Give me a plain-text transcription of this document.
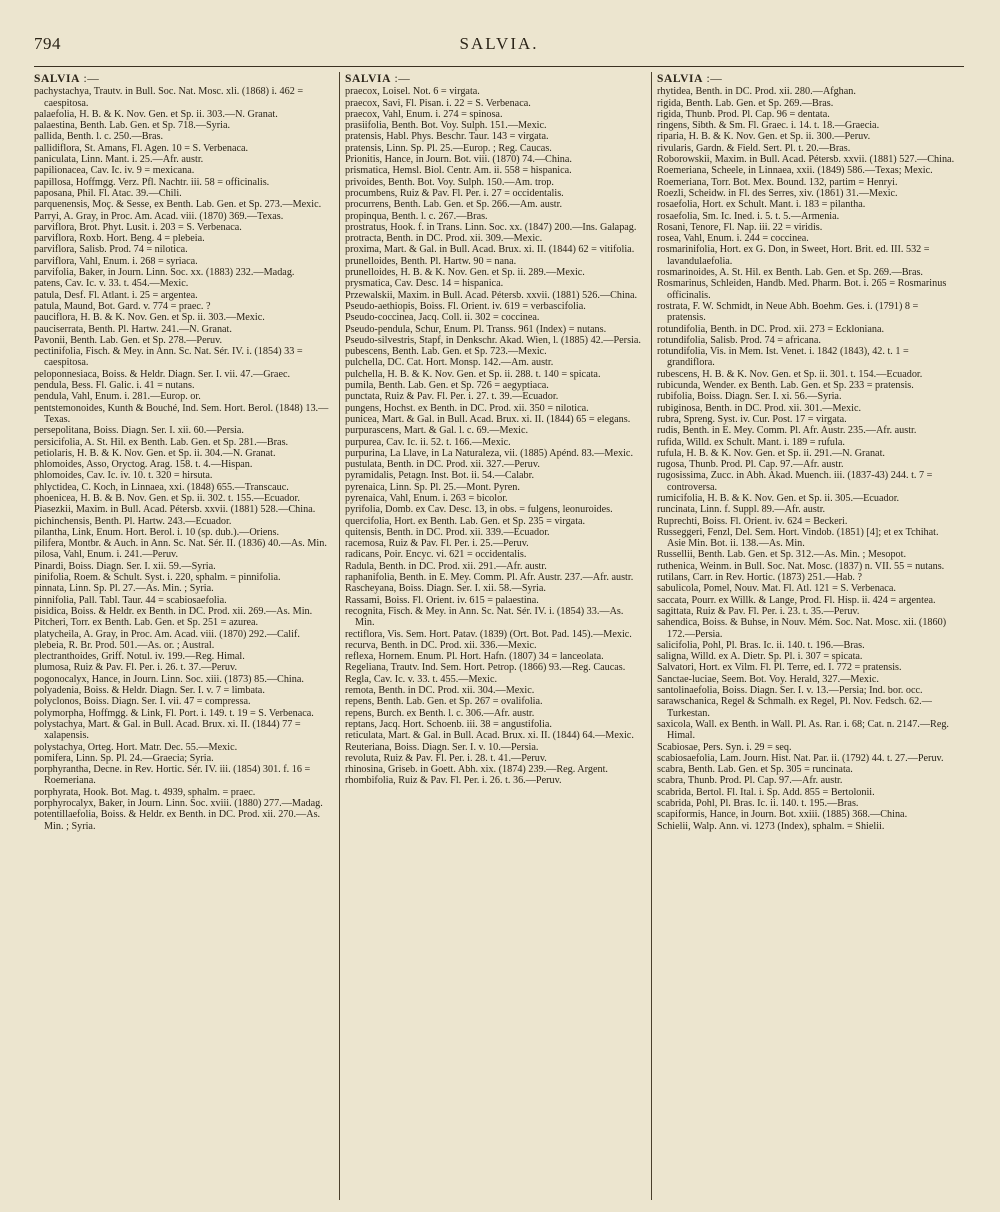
794	SALVIA.
SALVIA :—

pachystachya, Trautv. in Bull. Soc. Nat. Mosc. xli. (1868) i. 462 = caespitosa.

palaefolia, H. B. & K. Nov. Gen. et Sp. ii. 303.—N. Granat.

palaestina, Benth. Lab. Gen. et Sp. 718.—Syria.

pallida, Benth. l. c. 250.—Bras.

pallidiflora, St. Amans, Fl. Agen. 10 = S. Verbenaca.

paniculata, Linn. Mant. i. 25.—Afr. austr.

papilionacea, Cav. Ic. iv. 9 = mexicana.

papillosa, Hoffmgg. Verz. Pfl. Nachtr. iii. 58 = officinalis.

paposana, Phil. Fl. Atac. 39.—Chili.

parquenensis, Moç. & Sesse, ex Benth. Lab. Gen. et Sp. 273.—Mexic.

Parryi, A. Gray, in Proc. Am. Acad. viii. (1870) 369.—Texas.

parviflora, Brot. Phyt. Lusit. i. 203 = S. Verbenaca.

parviflora, Roxb. Hort. Beng. 4 = plebeia.

parviflora, Salisb. Prod. 74 = nilotica.

parviflora, Vahl, Enum. i. 268 = syriaca.

parvifolia, Baker, in Journ. Linn. Soc. xx. (1883) 232.—Madag.

patens, Cav. Ic. v. 33. t. 454.—Mexic.

patula, Desf. Fl. Atlant. i. 25 = argentea.

patula, Maund, Bot. Gard. v. 774 = praec. ?

pauciflora, H. B. & K. Nov. Gen. et Sp. ii. 303.—Mexic.

pauciserrata, Benth. Pl. Hartw. 241.—N. Granat.

Pavonii, Benth. Lab. Gen. et Sp. 278.—Peruv.

pectinifolia, Fisch. & Mey. in Ann. Sc. Nat. Sér. IV. i. (1854) 33 = caespitosa.

peloponnesiaca, Boiss. & Heldr. Diagn. Ser. I. vii. 47.—Graec.

pendula, Bess. Fl. Galic. i. 41 = nutans.

pendula, Vahl, Enum. i. 281.—Europ. or.

pentstemonoides, Kunth & Bouché, Ind. Sem. Hort. Berol. (1848) 13.—Texas.

persepolitana, Boiss. Diagn. Ser. I. xii. 60.—Persia.

persicifolia, A. St. Hil. ex Benth. Lab. Gen. et Sp. 281.—Bras.

petiolaris, H. B. & K. Nov. Gen. et Sp. ii. 304.—N. Granat.

phlomoides, Asso, Oryctog. Arag. 158. t. 4.—Hispan.

phlomoides, Cav. Ic. iv. 10. t. 320 = hirsuta.

phlyctidea, C. Koch, in Linnaea, xxi. (1848) 655.—Transcauc.

phoenicea, H. B. & B. Nov. Gen. et Sp. ii. 302. t. 155.—Ecuador.

Piasezkii, Maxim. in Bull. Acad. Pétersb. xxvii. (1881) 528.—China.

pichinchensis, Benth. Pl. Hartw. 243.—Ecuador.

pilantha, Link, Enum. Hort. Berol. i. 10 (sp. dub.).—Oriens.

pilifera, Montbr. & Auch. in Ann. Sc. Nat. Sér. II. (1836) 40.—As. Min.

pilosa, Vahl, Enum. i. 241.—Peruv.

Pinardi, Boiss. Diagn. Ser. I. xii. 59.—Syria.

pinifolia, Roem. & Schult. Syst. i. 220, sphalm. = pinnifolia.

pinnata, Linn. Sp. Pl. 27.—As. Min. ; Syria.

pinnifolia, Pall. Tabl. Taur. 44 = scabiosaefolia.

pisidica, Boiss. & Heldr. ex Benth. in DC. Prod. xii. 269.—As. Min.

Pitcheri, Torr. ex Benth. Lab. Gen. et Sp. 251 = azurea.

platycheila, A. Gray, in Proc. Am. Acad. viii. (1870) 292.—Calif.

plebeia, R. Br. Prod. 501.—As. or. ; Austral.

plectranthoides, Griff. Notul. iv. 199.—Reg. Himal.

plumosa, Ruiz & Pav. Fl. Per. i. 26. t. 37.—Peruv.

pogonocalyx, Hance, in Journ. Linn. Soc. xiii. (1873) 85.—China.

polyadenia, Boiss. & Heldr. Diagn. Ser. I. v. 7 = limbata.

polyclonos, Boiss. Diagn. Ser. I. vii. 47 = compressa.

polymorpha, Hoffmgg. & Link, Fl. Port. i. 149. t. 19 = S. Verbenaca.

polystachya, Mart. & Gal. in Bull. Acad. Brux. xi. II. (1844) 77 = xalapensis.

polystachya, Orteg. Hort. Matr. Dec. 55.—Mexic.

pomifera, Linn. Sp. Pl. 24.—Graecia; Syria.

porphyrantha, Decne. in Rev. Hortic. Sér. IV. iii. (1854) 301. f. 16 = Roemeriana.

porphyrata, Hook. Bot. Mag. t. 4939, sphalm. = praec.

porphyrocalyx, Baker, in Journ. Linn. Soc. xviii. (1880) 277.—Madag.

potentillaefolia, Boiss. & Heldr. ex Benth. in DC. Prod. xii. 270.—As. Min. ; Syria.

SALVIA :—

praecox, Loisel. Not. 6 = virgata.

praecox, Savi, Fl. Pisan. i. 22 = S. Verbenaca.

praecox, Vahl, Enum. i. 274 = spinosa.

prasiifolia, Benth. Bot. Voy. Sulph. 151.—Mexic.

pratensis, Habl. Phys. Beschr. Taur. 143 = virgata.

pratensis, Linn. Sp. Pl. 25.—Europ. ; Reg. Caucas.

Prionitis, Hance, in Journ. Bot. viii. (1870) 74.—China.

prismatica, Hemsl. Biol. Centr. Am. ii. 558 = hispanica.

privoides, Benth. Bot. Voy. Sulph. 150.—Am. trop.

procumbens, Ruiz & Pav. Fl. Per. i. 27 = occidentalis.

procurrens, Benth. Lab. Gen. et Sp. 266.—Am. austr.

propinqua, Benth. l. c. 267.—Bras.

prostratus, Hook. f. in Trans. Linn. Soc. xx. (1847) 200.—Ins. Galapag.

protracta, Benth. in DC. Prod. xii. 309.—Mexic.

proxima, Mart. & Gal. in Bull. Acad. Brux. xi. II. (1844) 62 = vitifolia.

prunelloides, Benth. Pl. Hartw. 90 = nana.

prunelloides, H. B. & K. Nov. Gen. et Sp. ii. 289.—Mexic.

prysmatica, Cav. Desc. 14 = hispanica.

Przewalskii, Maxim. in Bull. Acad. Pétersb. xxvii. (1881) 526.—China.

Pseudo-aethiopis, Boiss. Fl. Orient. iv. 619 = verbascifolia.

Pseudo-coccinea, Jacq. Coll. ii. 302 = coccinea.

Pseudo-pendula, Schur, Enum. Pl. Transs. 961 (Index) = nutans.

Pseudo-silvestris, Stapf, in Denkschr. Akad. Wien, l. (1885) 42.—Persia.

pubescens, Benth. Lab. Gen. et Sp. 723.—Mexic.

pulchella, DC. Cat. Hort. Monsp. 142.—Am. austr.

pulchella, H. B. & K. Nov. Gen. et Sp. ii. 288. t. 140 = spicata.

pumila, Benth. Lab. Gen. et Sp. 726 = aegyptiaca.

punctata, Ruiz & Pav. Fl. Per. i. 27. t. 39.—Ecuador.

pungens, Hochst. ex Benth. in DC. Prod. xii. 350 = nilotica.

punicea, Mart. & Gal. in Bull. Acad. Brux. xi. II. (1844) 65 = elegans.

purpurascens, Mart. & Gal. l. c. 69.—Mexic.

purpurea, Cav. Ic. ii. 52. t. 166.—Mexic.

purpurina, La Llave, in La Naturaleza, vii. (1885) Apénd. 83.—Mexic.

pustulata, Benth. in DC. Prod. xii. 327.—Peruv.

pyramidalis, Petagn. Inst. Bot. ii. 54.—Calabr.

pyrenaica, Linn. Sp. Pl. 25.—Mont. Pyren.

pyrenaica, Vahl, Enum. i. 263 = bicolor.

pyrifolia, Domb. ex Cav. Desc. 13, in obs. = fulgens, leonuroides.

quercifolia, Hort. ex Benth. Lab. Gen. et Sp. 235 = virgata.

quitensis, Benth. in DC. Prod. xii. 339.—Ecuador.

racemosa, Ruiz & Pav. Fl. Per. i. 25.—Peruv.

radicans, Poir. Encyc. vi. 621 = occidentalis.

Radula, Benth. in DC. Prod. xii. 291.—Afr. austr.

raphanifolia, Benth. in E. Mey. Comm. Pl. Afr. Austr. 237.—Afr. austr.

Rascheyana, Boiss. Diagn. Ser. I. xii. 58.—Syria.

Rassami, Boiss. Fl. Orient. iv. 615 = palaestina.

recognita, Fisch. & Mey. in Ann. Sc. Nat. Sér. IV. i. (1854) 33.—As. Min.

rectiflora, Vis. Sem. Hort. Patav. (1839) (Ort. Bot. Pad. 145).—Mexic.

recurva, Benth. in DC. Prod. xii. 336.—Mexic.

reflexa, Hornem. Enum. Pl. Hort. Hafn. (1807) 34 = lanceolata.

Regeliana, Trautv. Ind. Sem. Hort. Petrop. (1866) 93.—Reg. Caucas.

Regla, Cav. Ic. v. 33. t. 455.—Mexic.

remota, Benth. in DC. Prod. xii. 304.—Mexic.

repens, Benth. Lab. Gen. et Sp. 267 = ovalifolia.

repens, Burch. ex Benth. l. c. 306.—Afr. austr.

reptans, Jacq. Hort. Schoenb. iii. 38 = angustifolia.

reticulata, Mart. & Gal. in Bull. Acad. Brux. xi. II. (1844) 64.—Mexic.

Reuteriana, Boiss. Diagn. Ser. I. v. 10.—Persia.

revoluta, Ruiz & Pav. Fl. Per. i. 28. t. 41.—Peruv.

rhinosina, Griseb. in Goett. Abh. xix. (1874) 239.—Reg. Argent.

rhombifolia, Ruiz & Pav. Fl. Per. i. 26. t. 36.—Peruv.

SALVIA :—

rhytidea, Benth. in DC. Prod. xii. 280.—Afghan.

rigida, Benth. Lab. Gen. et Sp. 269.—Bras.

rigida, Thunb. Prod. Pl. Cap. 96 = dentata.

ringens, Sibth. & Sm. Fl. Graec. i. 14. t. 18.—Graecia.

riparia, H. B. & K. Nov. Gen. et Sp. ii. 300.—Peruv.

rivularis, Gardn. & Field. Sert. Pl. t. 20.—Bras.

Roborowskii, Maxim. in Bull. Acad. Pétersb. xxvii. (1881) 527.—China.

Roemeriana, Scheele, in Linnaea, xxii. (1849) 586.—Texas; Mexic.

Roemeriana, Torr. Bot. Mex. Bound. 132, partim = Henryi.

Roezli, Scheidw. in Fl. des Serres, xiv. (1861) 31.—Mexic.

rosaefolia, Hort. ex Schult. Mant. i. 183 = pilantha.

rosaefolia, Sm. Ic. Ined. i. 5. t. 5.—Armenia.

Rosani, Tenore, Fl. Nap. iii. 22 = viridis.

rosea, Vahl, Enum. i. 244 = coccinea.

rosmarinifolia, Hort. ex G. Don, in Sweet, Hort. Brit. ed. III. 532 = lavandulaefolia.

rosmarinoides, A. St. Hil. ex Benth. Lab. Gen. et Sp. 269.—Bras.

Rosmarinus, Schleiden, Handb. Med. Pharm. Bot. i. 265 = Rosmarinus officinalis.

rostrata, F. W. Schmidt, in Neue Abh. Boehm. Ges. i. (1791) 8 = pratensis.

rotundifolia, Benth. in DC. Prod. xii. 273 = Ecklonianа.

rotundifolia, Salisb. Prod. 74 = africana.

rotundifolia, Vis. in Mem. Ist. Venet. i. 1842 (1843), 42. t. 1 = grandiflora.

rubescens, H. B. & K. Nov. Gen. et Sp. ii. 301. t. 154.—Ecuador.

rubicunda, Wender. ex Benth. Lab. Gen. et Sp. 233 = pratensis.

rubifolia, Boiss. Diagn. Ser. I. xi. 56.—Syria.

rubiginosa, Benth. in DC. Prod. xii. 301.—Mexic.

rubra, Spreng. Syst. iv. Cur. Post. 17 = virgata.

rudis, Benth. in E. Mey. Comm. Pl. Afr. Austr. 235.—Afr. austr.

rufida, Willd. ex Schult. Mant. i. 189 = rufula.

rufula, H. B. & K. Nov. Gen. et Sp. ii. 291.—N. Granat.

rugosa, Thunb. Prod. Pl. Cap. 97.—Afr. austr.

rugosissima, Zucc. in Abh. Akad. Muench. iii. (1837-43) 244. t. 7 = controversa.

rumicifolia, H. B. & K. Nov. Gen. et Sp. ii. 305.—Ecuador.

runcinata, Linn. f. Suppl. 89.—Afr. austr.

Ruprechti, Boiss. Fl. Orient. iv. 624 = Beckeri.

Russeggeri, Fenzl, Del. Sem. Hort. Vindob. (1851) [4]; et ex Tchihat. Asie Min. Bot. ii. 138.—As. Min.

Russellii, Benth. Lab. Gen. et Sp. 312.—As. Min. ; Mesopot.

ruthenica, Weinm. in Bull. Soc. Nat. Mosc. (1837) n. VII. 55 = nutans.

rutilans, Carr. in Rev. Hortic. (1873) 251.—Hab. ?

sabulicola, Pomel, Nouv. Mat. Fl. Atl. 121 = S. Verbenaca.

saccata, Pourr. ex Willk. & Lange, Prod. Fl. Hisp. ii. 424 = argentea.

sagittata, Ruiz & Pav. Fl. Per. i. 23. t. 35.—Peruv.

sahendica, Boiss. & Buhse, in Nouv. Mém. Soc. Nat. Mosc. xii. (1860) 172.—Persia.

salicifolia, Pohl, Pl. Bras. Ic. ii. 140. t. 196.—Bras.

saligna, Willd. ex A. Dietr. Sp. Pl. i. 307 = spicata.

Salvatori, Hort. ex Vilm. Fl. Pl. Terre, ed. I. 772 = pratensis.

Sanctae-luciae, Seem. Bot. Voy. Herald, 327.—Mexic.

santolinaefolia, Boiss. Diagn. Ser. I. v. 13.—Persia; Ind. bor. occ.

sarawschanica, Regel & Schmalh. ex Regel, Pl. Nov. Fedsch. 62.—Turkestan.

saxicola, Wall. ex Benth. in Wall. Pl. As. Rar. i. 68; Cat. n. 2147.—Reg. Himal.

Scabiosae, Pers. Syn. i. 29 = seq.

scabiosaefolia, Lam. Journ. Hist. Nat. Par. ii. (1792) 44. t. 27.—Peruv.

scabra, Benth. Lab. Gen. et Sp. 305 = runcinata.

scabra, Thunb. Prod. Pl. Cap. 97.—Afr. austr.

scabrida, Bertol. Fl. Ital. i. Sp. Add. 855 = Bertolonii.

scabrida, Pohl, Pl. Bras. Ic. ii. 140. t. 195.—Bras.

scapiformis, Hance, in Journ. Bot. xxiii. (1885) 368.—China.

Schielii, Walp. Ann. vi. 1273 (Index), sphalm. = Shielii.
